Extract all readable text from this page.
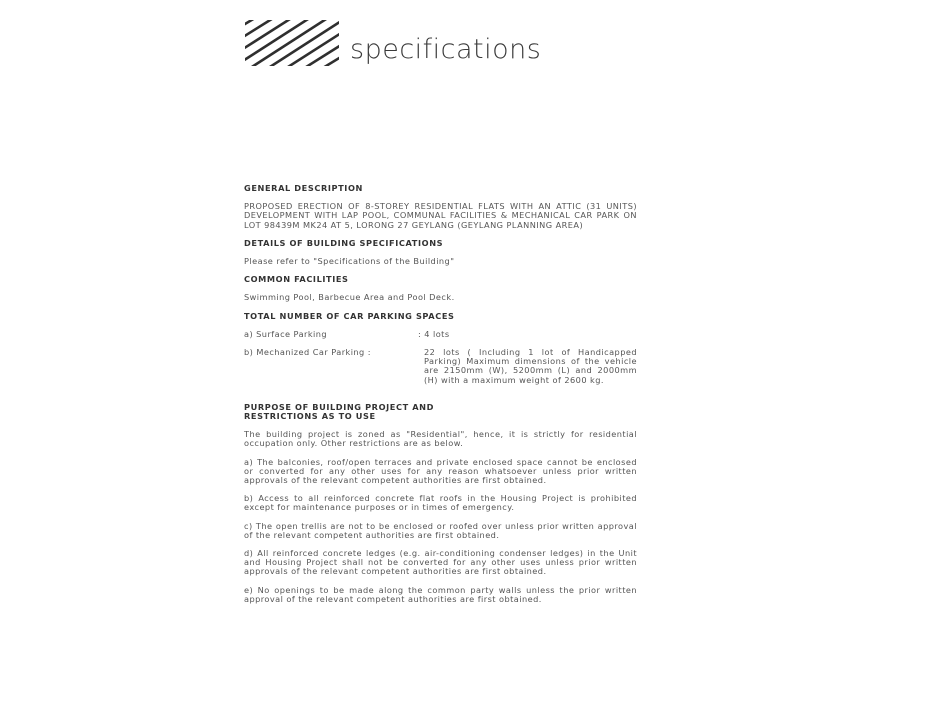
specifications
GENERAL DESCRIPTION

PROPOSED ERECTION OF 8-STOREY RESIDENTIAL FLATS WITH AN ATTIC (31 UNITS) DEVELOPMENT WITH LAP POOL, COMMUNAL FACILITIES & MECHANICAL CAR PARK ON LOT 98439M MK24 AT 5, LORONG 27 GEYLANG (GEYLANG PLANNING AREA)

DETAILS OF BUILDING SPECIFICATIONS

Please refer to "Specifications of the Building"

COMMON FACILITIES

Swimming Pool, Barbecue Area and Pool Deck.

TOTAL NUMBER OF CAR PARKING SPACES
a) Surface Parking	: 4 lots
b) Mechanized Car Parking :	22 lots ( Including 1 lot of Handicapped Parking) Maximum dimensions of the vehicle are 2150mm (W), 5200mm (L) and 2000mm (H) with a maximum weight of 2600 kg.
PURPOSE OF BUILDING PROJECT AND
RESTRICTIONS AS TO USE

The building project is zoned as "Residential", hence, it is strictly for residential occupation only. Other restrictions are as below.

a) The balconies, roof/open terraces and private enclosed space cannot be enclosed or converted for any other uses for any reason whatsoever unless prior written approvals of the relevant competent authorities are first obtained.

b) Access to all reinforced concrete flat roofs in the Housing Project is prohibited except for maintenance purposes or in times of emergency.

c) The open trellis are not to be enclosed or roofed over unless prior written approval of the relevant competent authorities are first obtained.

d) All reinforced concrete ledges (e.g. air-conditioning condenser ledges) in the Unit and Housing Project shall not be converted for any other uses unless prior written approvals of the relevant competent authorities are first obtained.

e) No openings to be made along the common party walls unless the prior written approval of the relevant competent authorities are first obtained.
